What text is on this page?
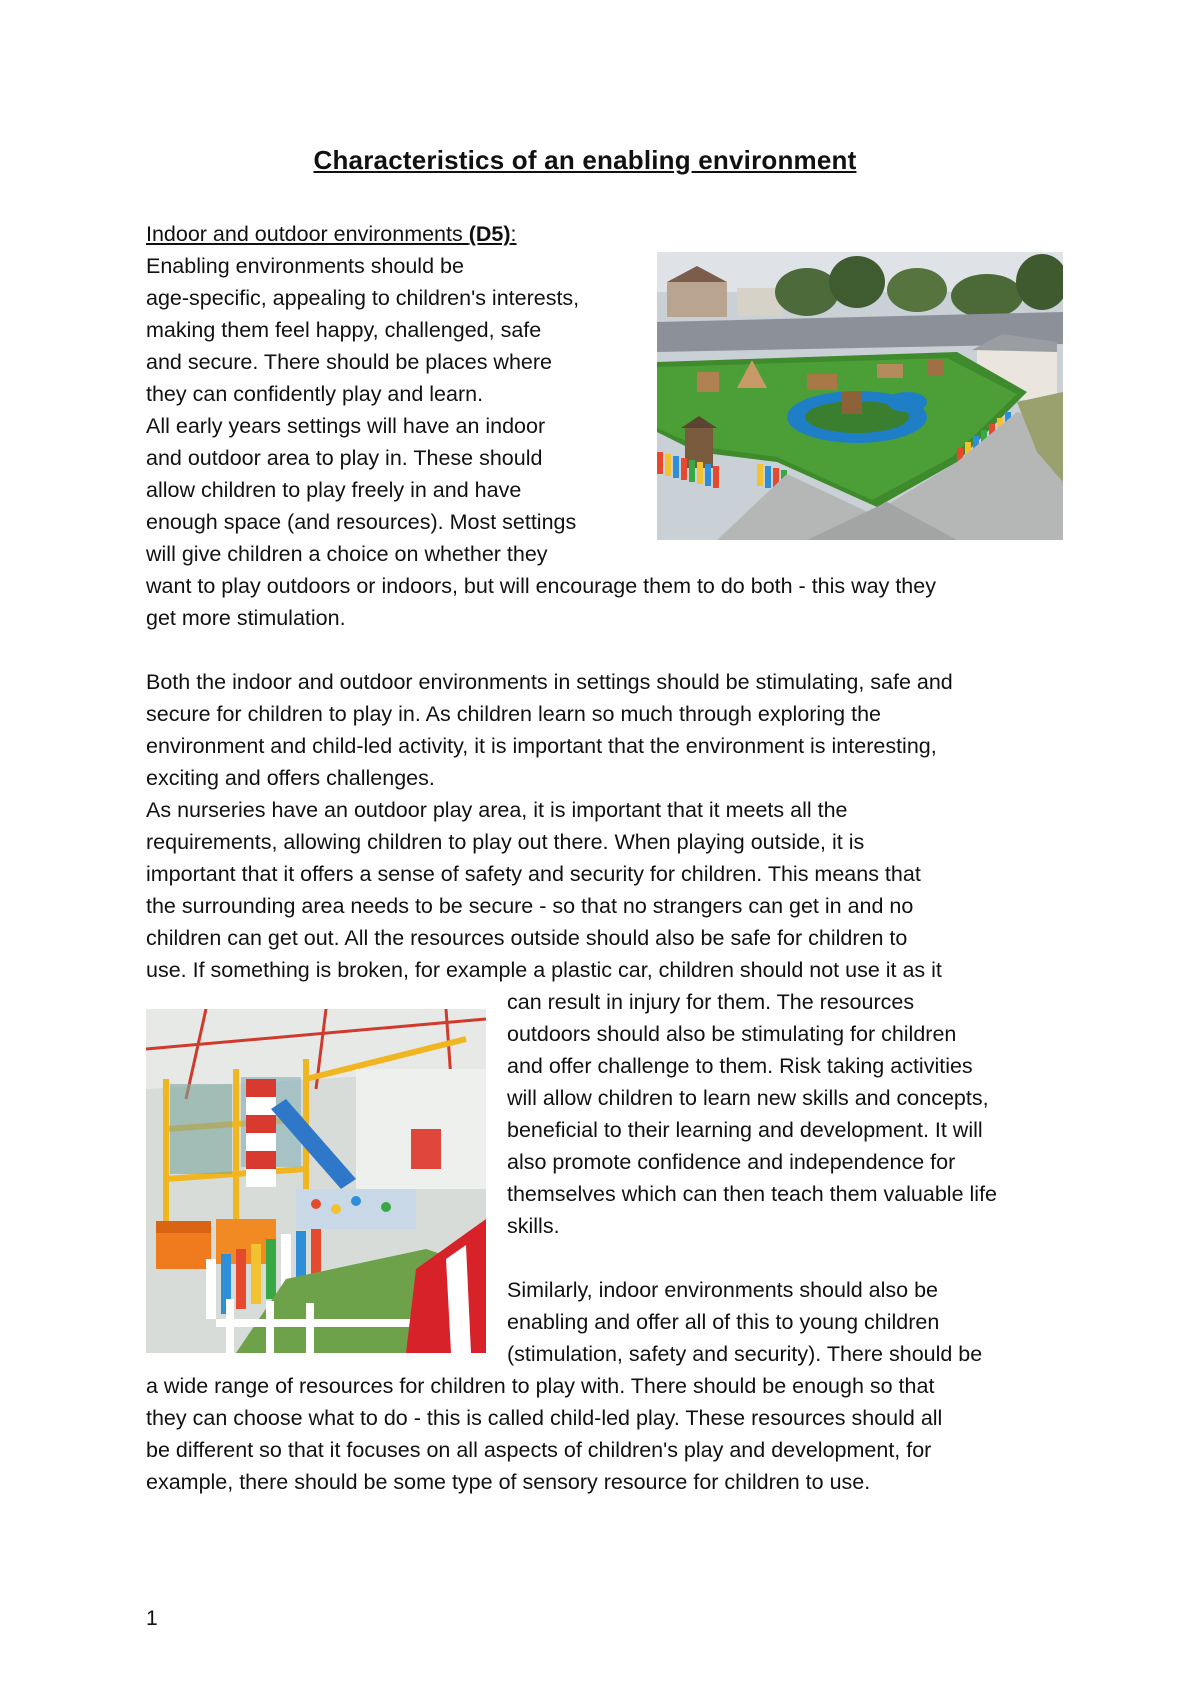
Characteristics of an enabling environment
Indoor and outdoor environments (D5):
Enabling environments should be
age-specific, appealing to children's interests,
making them feel happy, challenged, safe
and secure. There should be places where
they can confidently play and learn.
All early years settings will have an indoor
and outdoor area to play in. These should
allow children to play freely in and have
enough space (and resources). Most settings
will give children a choice on whether they
want to play outdoors or indoors, but will encourage them to do both - this way they
get more stimulation.
Both the indoor and outdoor environments in settings should be stimulating, safe and
secure for children to play in. As children learn so much through exploring the
environment and child-led activity, it is important that the environment is interesting,
exciting and offers challenges.
As nurseries have an outdoor play area, it is important that it meets all the
requirements, allowing children to play out there. When playing outside, it is
important that it offers a sense of safety and security for children. This means that
the surrounding area needs to be secure - so that no strangers can get in and no
children can get out. All the resources outside should also be safe for children to
use. If something is broken, for example a plastic car, children should not use it as it
can result in injury for them. The resources
outdoors should also be stimulating for children
and offer challenge to them. Risk taking activities
will allow children to learn new skills and concepts,
beneficial to their learning and development. It will
also promote confidence and independence for
themselves which can then teach them valuable life
skills.
Similarly, indoor environments should also be
enabling and offer all of this to young children
(stimulation, safety and security). There should be
a wide range of resources for children to play with. There should be enough so that
they can choose what to do - this is called child-led play. These resources should all
be different so that it focuses on all aspects of children's play and development, for
example, there should be some type of sensory resource for children to use.
1
